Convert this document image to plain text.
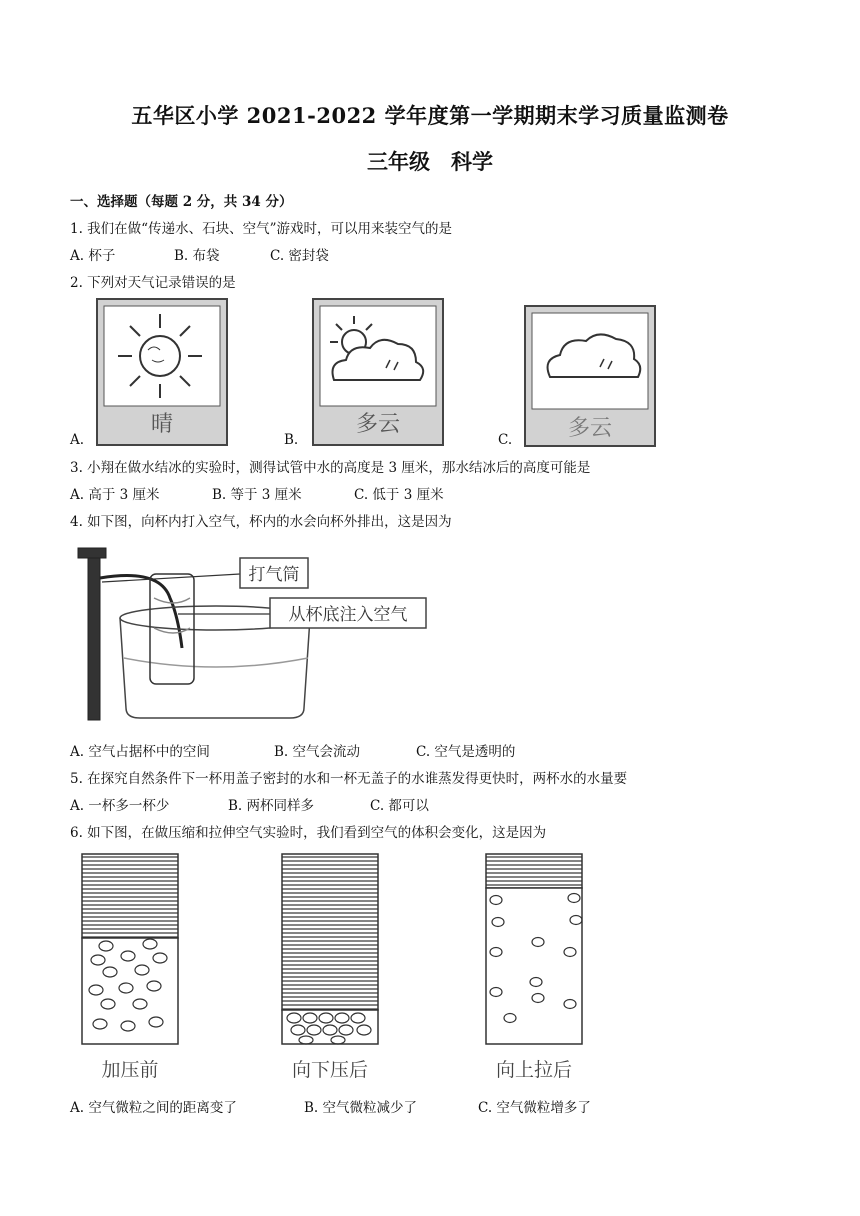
五华区小学 2021-2022 学年度第一学期期末学习质量监测卷
三年级　科学
一、选择题（每题 2 分，共 34 分）
1. 我们在做“传递水、石块、空气”游戏时，可以用来装空气的是
A. 杯子	B. 布袋	C. 密封袋
2. 下列对天气记录错误的是
A.	B.	C.
晴	多云	多云
3. 小翔在做水结冰的实验时，测得试管中水的高度是 3 厘米，那水结冰后的高度可能是
A. 高于 3 厘米	B. 等于 3 厘米	C. 低于 3 厘米
4. 如下图，向杯内打入空气，杯内的水会向杯外排出，这是因为
打气筒
从杯底注入空气
A. 空气占据杯中的空间	B. 空气会流动	C. 空气是透明的
5. 在探究自然条件下一杯用盖子密封的水和一杯无盖子的水谁蒸发得更快时，两杯水的水量要
A. 一杯多一杯少	B. 两杯同样多	C. 都可以
6. 如下图，在做压缩和拉伸空气实验时，我们看到空气的体积会变化，这是因为
加压前	向下压后	向上拉后
A. 空气微粒之间的距离变了	B. 空气微粒减少了	C. 空气微粒增多了
